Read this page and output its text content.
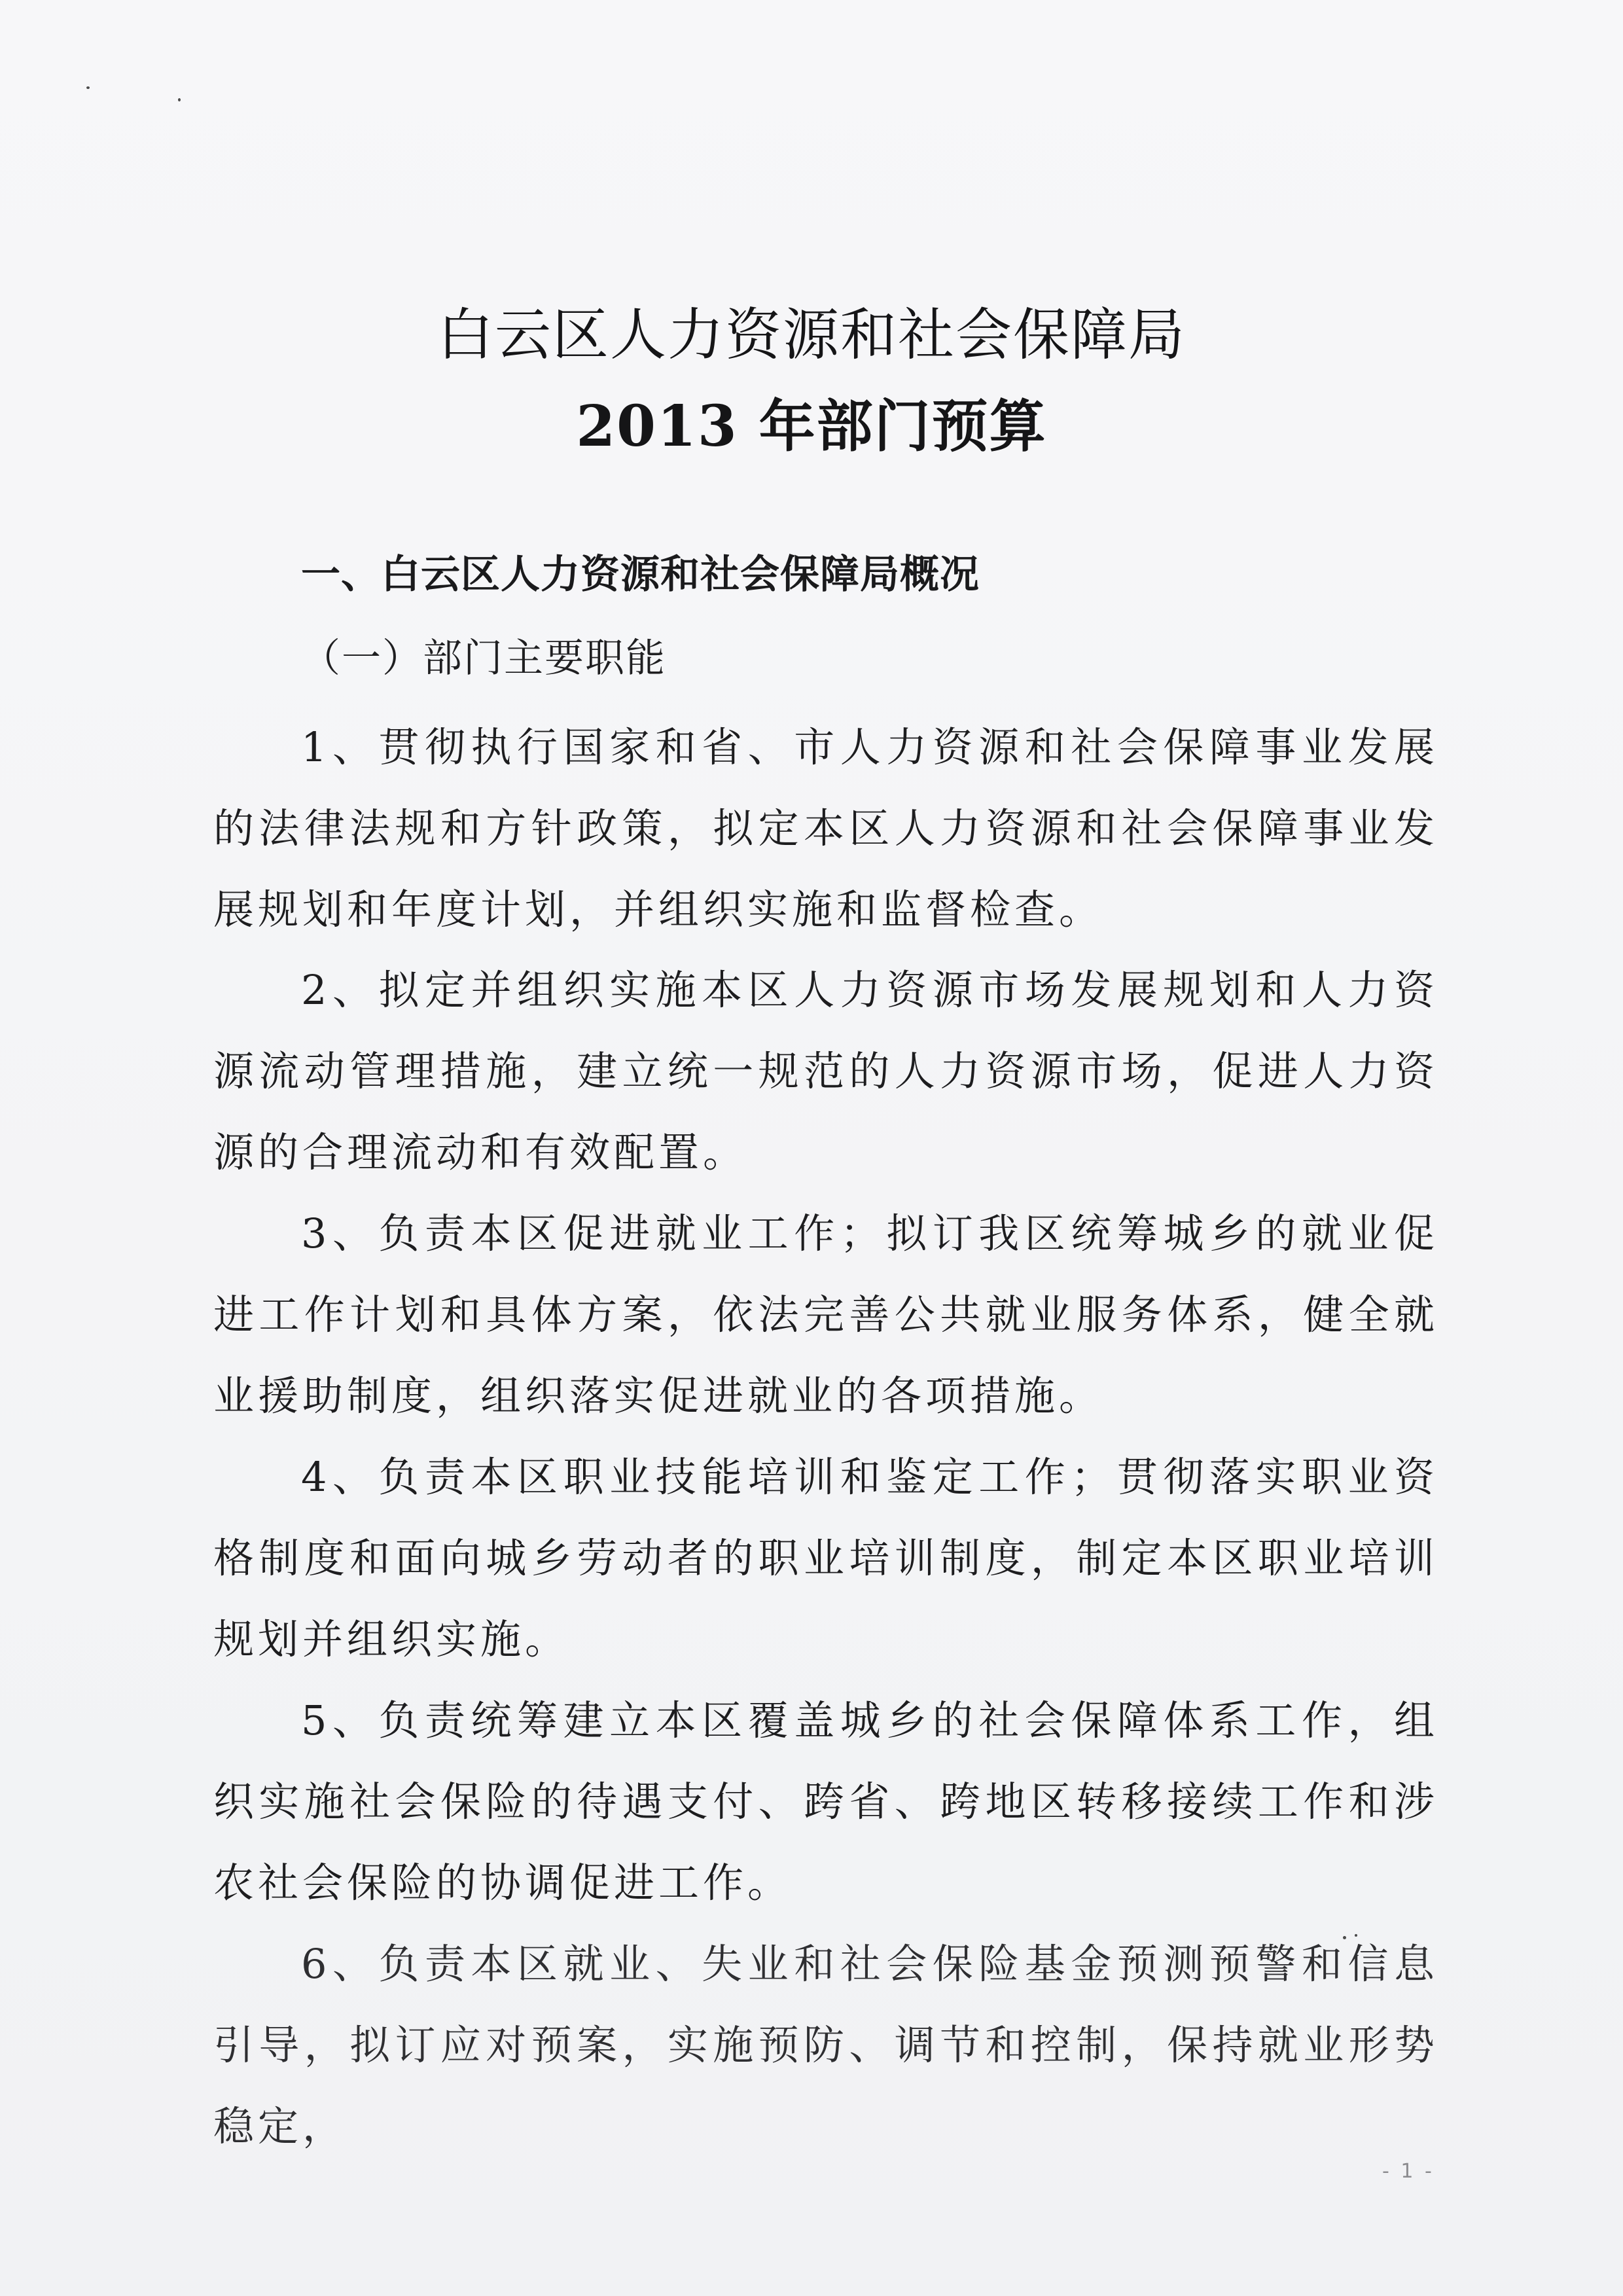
白云区人力资源和社会保障局
2013 年部门预算
一、白云区人力资源和社会保障局概况
（一）部门主要职能

1、贯彻执行国家和省、市人力资源和社会保障事业发展的法律法规和方针政策，拟定本区人力资源和社会保障事业发展规划和年度计划，并组织实施和监督检查。

2、拟定并组织实施本区人力资源市场发展规划和人力资源流动管理措施，建立统一规范的人力资源市场，促进人力资源的合理流动和有效配置。

3、负责本区促进就业工作；拟订我区统筹城乡的就业促进工作计划和具体方案，依法完善公共就业服务体系，健全就业援助制度，组织落实促进就业的各项措施。

4、负责本区职业技能培训和鉴定工作；贯彻落实职业资格制度和面向城乡劳动者的职业培训制度，制定本区职业培训规划并组织实施。

5、负责统筹建立本区覆盖城乡的社会保障体系工作，组织实施社会保险的待遇支付、跨省、跨地区转移接续工作和涉农社会保险的协调促进工作。

6、负责本区就业、失业和社会保险基金预测预警和信息引导，拟订应对预案，实施预防、调节和控制，保持就业形势稳定，

- 1 -
